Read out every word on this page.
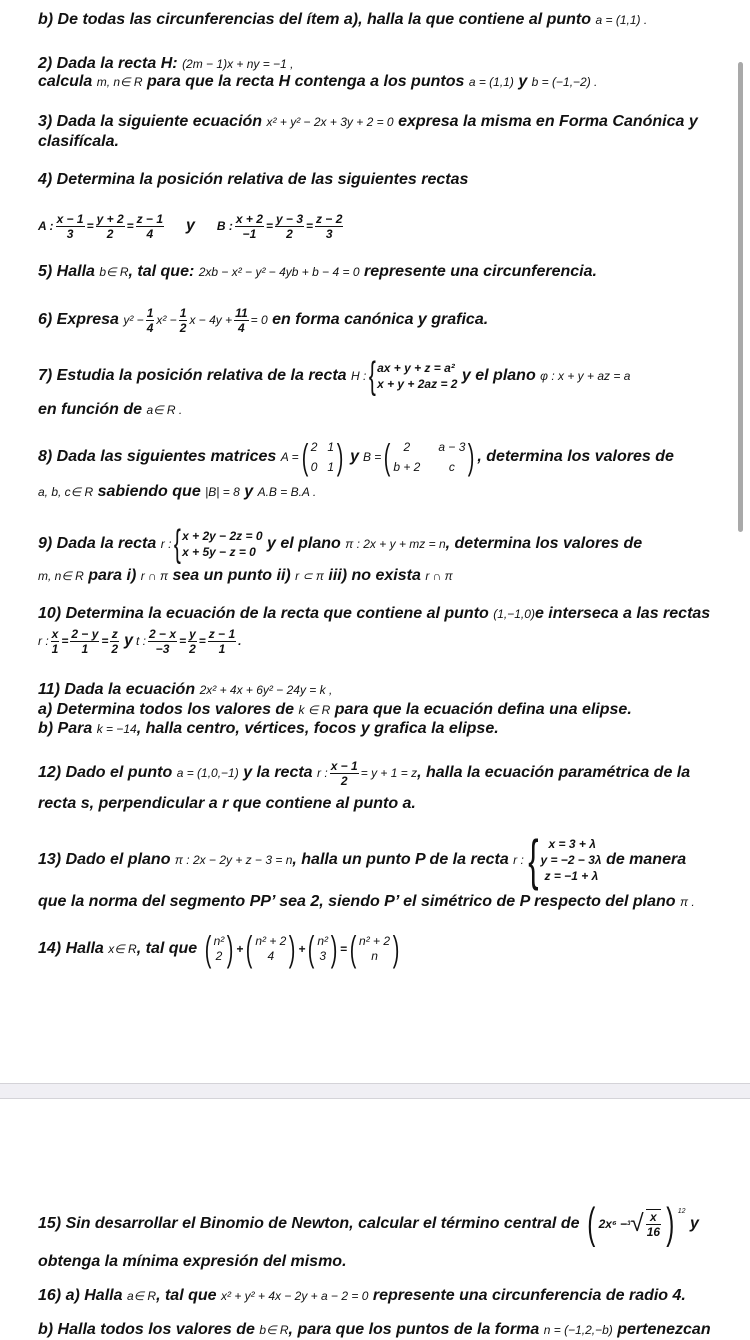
b) De todas las circunferencias del ítem a), halla la que contiene al punto a = (1,1) .
2) Dada la recta H: (2m − 1)x + ny = −1 ,
calcula m, n∈ R para que la recta H contenga a los puntos a = (1,1) y b = (−1,−2) .
3) Dada la siguiente ecuación x² + y² − 2x + 3y + 2 = 0 expresa la misma en Forma Canónica y
clasifícala.
4) Determina la posición relativa de las siguientes rectas
A : $\frac{x - 1}{3} = \frac{y + 2}{2} = \frac{z - 1}{4}$ y B : $\frac{x + 2}{-1} = \frac{y - 3}{2} = \frac{z - 2}{3}$
5) Halla b∈ R, tal que: 2xb − x² − y² − 4yb + b − 4 = 0 represente una circunferencia.
6) Expresa
$y^2 - \frac{1}{4} x^2 - \frac{1}{2}$ $x - 4y + \frac{11}{4} = 0$
en forma canónica y grafica.
7) Estudia la posición relativa de la recta
H : { ax + y + z = a²
x + y + 2az = 2
y el plano
φ : x + y + az = a
en función de a∈ R .
8) Dada las siguientes matrices
A = ( 2 1
0 1 ) y B = (	2	a − 3
b + 2	c ) , determina los valores de
a, b, c∈ R sabiendo que |B| = 8 y A.B = B.A .
9) Dada la recta
r : { x + 2y − 2z = 0
x + 5y − z = 0
y el plano
π : 2x + y + mz = n , determina los valores de
m, n∈ R para i) r ∩ π sea un punto ii) r ⊂ π iii) no exista r ∩ π
10) Determina la ecuación de la recta que contiene al punto (1,−1,0)e interseca a las rectas
r : $\frac{x}{1} = \frac{2 - y}{1} = \frac{z}{2}$ y t : $\frac{2 - x}{-3} = \frac{y}{2} = \frac{z - 1}{1}$ .
11) Dada la ecuación 2x² + 4x + 6y² − 24y = k ,
a) Determina todos los valores de k ∈ R para que la ecuación defina una elipse.
b) Para k = −14, halla centro, vértices, focos y grafica la elipse.
12) Dado el punto
a = (1,0,−1)
y la recta
r : $\frac{x - 1}{2} = y + 1 = z$ , halla la ecuación paramétrica de la
recta s, perpendicular a r que contiene al punto a.
13) Dado el plano
π : 2x − 2y + z − 3 = n , halla un punto P de la recta
r : { x = 3 + λ
y = −2 − 3λ
z = −1 + λ

de manera
que la norma del segmento PP’ sea 2, siendo P’ el simétrico de P respecto del plano π .
14) Halla
x∈ R , tal que
( n²
2 ) + ( n² + 2
4 ) + ( n²
3 ) = ( n² + 2
n )
15) Sin desarrollar el Binomio de Newton, calcular el término central de
( 2x⁶ − 3 √ $\frac{x}{16}$ ) $^{12}$

y
obtenga la mínima expresión del mismo.
16) a) Halla a∈ R, tal que x² + y² + 4x − 2y + a − 2 = 0 represente una circunferencia de radio 4.
b) Halla todos los valores de b∈ R, para que los puntos de la forma n = (−1,2,−b) pertenezcan
